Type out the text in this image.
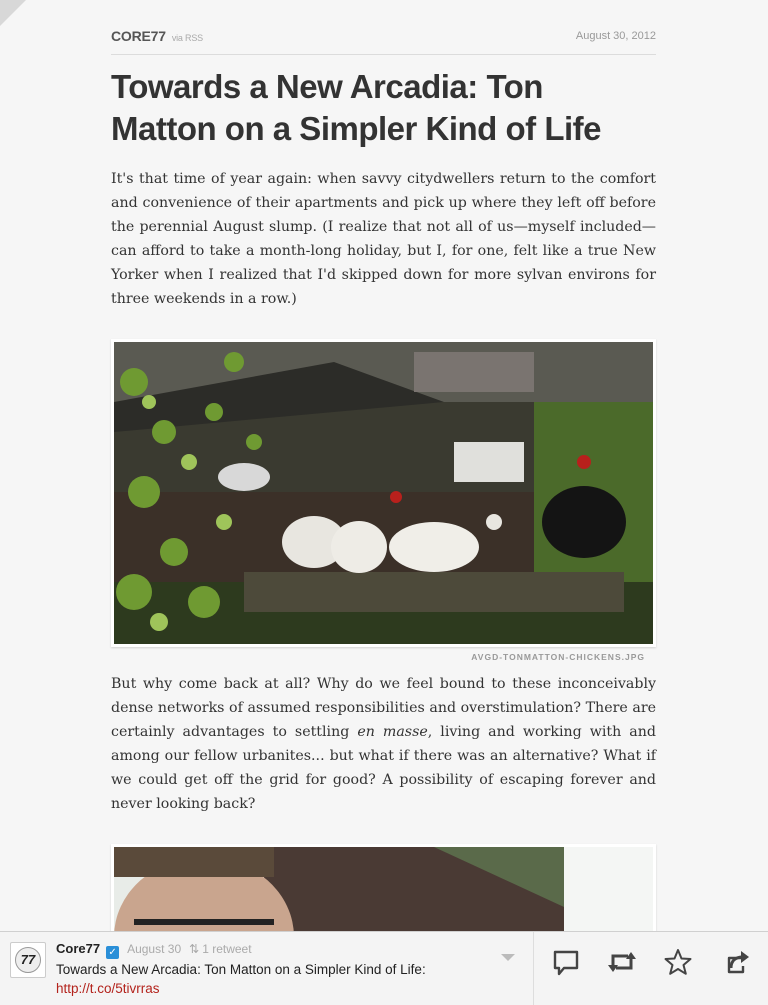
CORE77 via RSS	August 30, 2012
Towards a New Arcadia: Ton Matton on a Simpler Kind of Life

It's that time of year again: when savvy citydwellers return to the comfort and convenience of their apartments and pick up where they left off before the perennial August slump. (I realize that not all of us—myself included—can afford to take a month-long holiday, but I, for one, felt like a true New Yorker when I realized that I'd skipped down for more sylvan environs for three weekends in a row.)

AVGD-TONMATTON-CHICKENS.JPG

But why come back at all? Why do we feel bound to these inconceivably dense networks of assumed responsibilities and overstimulation? There are certainly advantages to settling en masse, living and working with and among our fellow urbanites... but what if there was an alternative? What if we could get off the grid for good? A possibility of escaping forever and never looking back?

77
Core77 ✓ August 30 ⇅ 1 retweet
Towards a New Arcadia: Ton Matton on a Simpler Kind of Life: http://t.co/5tivrras
